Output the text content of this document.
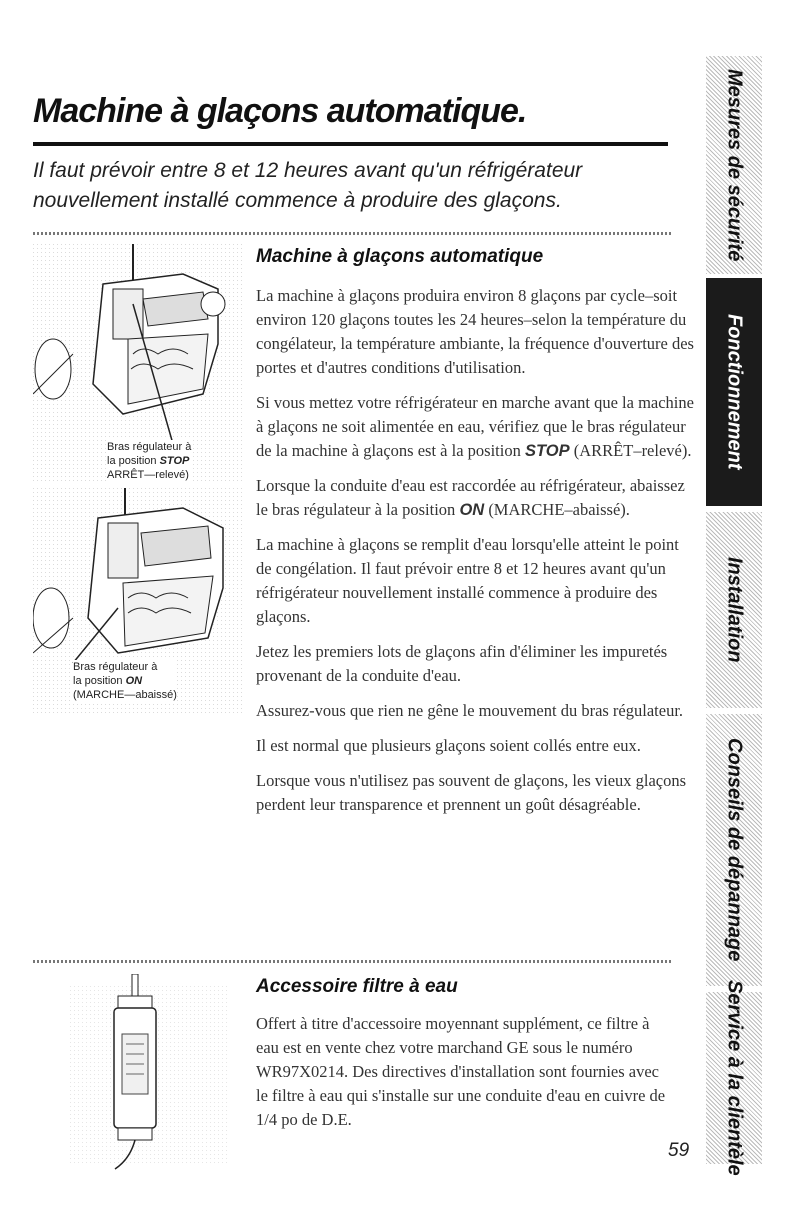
Machine à glaçons automatique.

Il faut prévoir entre 8 et 12 heures avant qu'un réfrigérateur nouvellement installé commence à produire des glaçons.

Bras régulateur à
la position STOP
ARRÊT—relevé)
Bras régulateur à
la position ON
(MARCHE—abaissé)
Machine à glaçons automatique

La machine à glaçons produira environ 8 glaçons par cycle–soit environ 120 glaçons toutes les 24 heures–selon la température du congélateur, la température ambiante, la fréquence d'ouverture des portes et d'autres conditions d'utilisation.

Si vous mettez votre réfrigérateur en marche avant que la machine à glaçons ne soit alimentée en eau, vérifiez que le bras régulateur de la machine à glaçons est à la position STOP (ARRÊT–relevé).

Lorsque la conduite d'eau est raccordée au réfrigérateur, abaissez le bras régulateur à la position ON (MARCHE–abaissé).

La machine à glaçons se remplit d'eau lorsqu'elle atteint le point de congélation. Il faut prévoir entre 8 et 12 heures avant qu'un réfrigérateur nouvellement installé commence à produire des glaçons.

Jetez les premiers lots de glaçons afin d'éliminer les impuretés provenant de la conduite d'eau.

Assurez-vous que rien ne gêne le mouvement du bras régulateur.

Il est normal que plusieurs glaçons soient collés entre eux.

Lorsque vous n'utilisez pas souvent de glaçons, les vieux glaçons perdent leur transparence et prennent un goût désagréable.

Accessoire filtre à eau

Offert à titre d'accessoire moyennant supplément, ce filtre à eau est en vente chez votre marchand GE sous le numéro WR97X0214. Des directives d'installation sont fournies avec le filtre à eau qui s'installe sur une conduite d'eau en cuivre de 1/4 po de D.E.

Mesures de sécurité
Fonctionnement
Installation
Conseils de dépannage
Service à la clientèle
59
